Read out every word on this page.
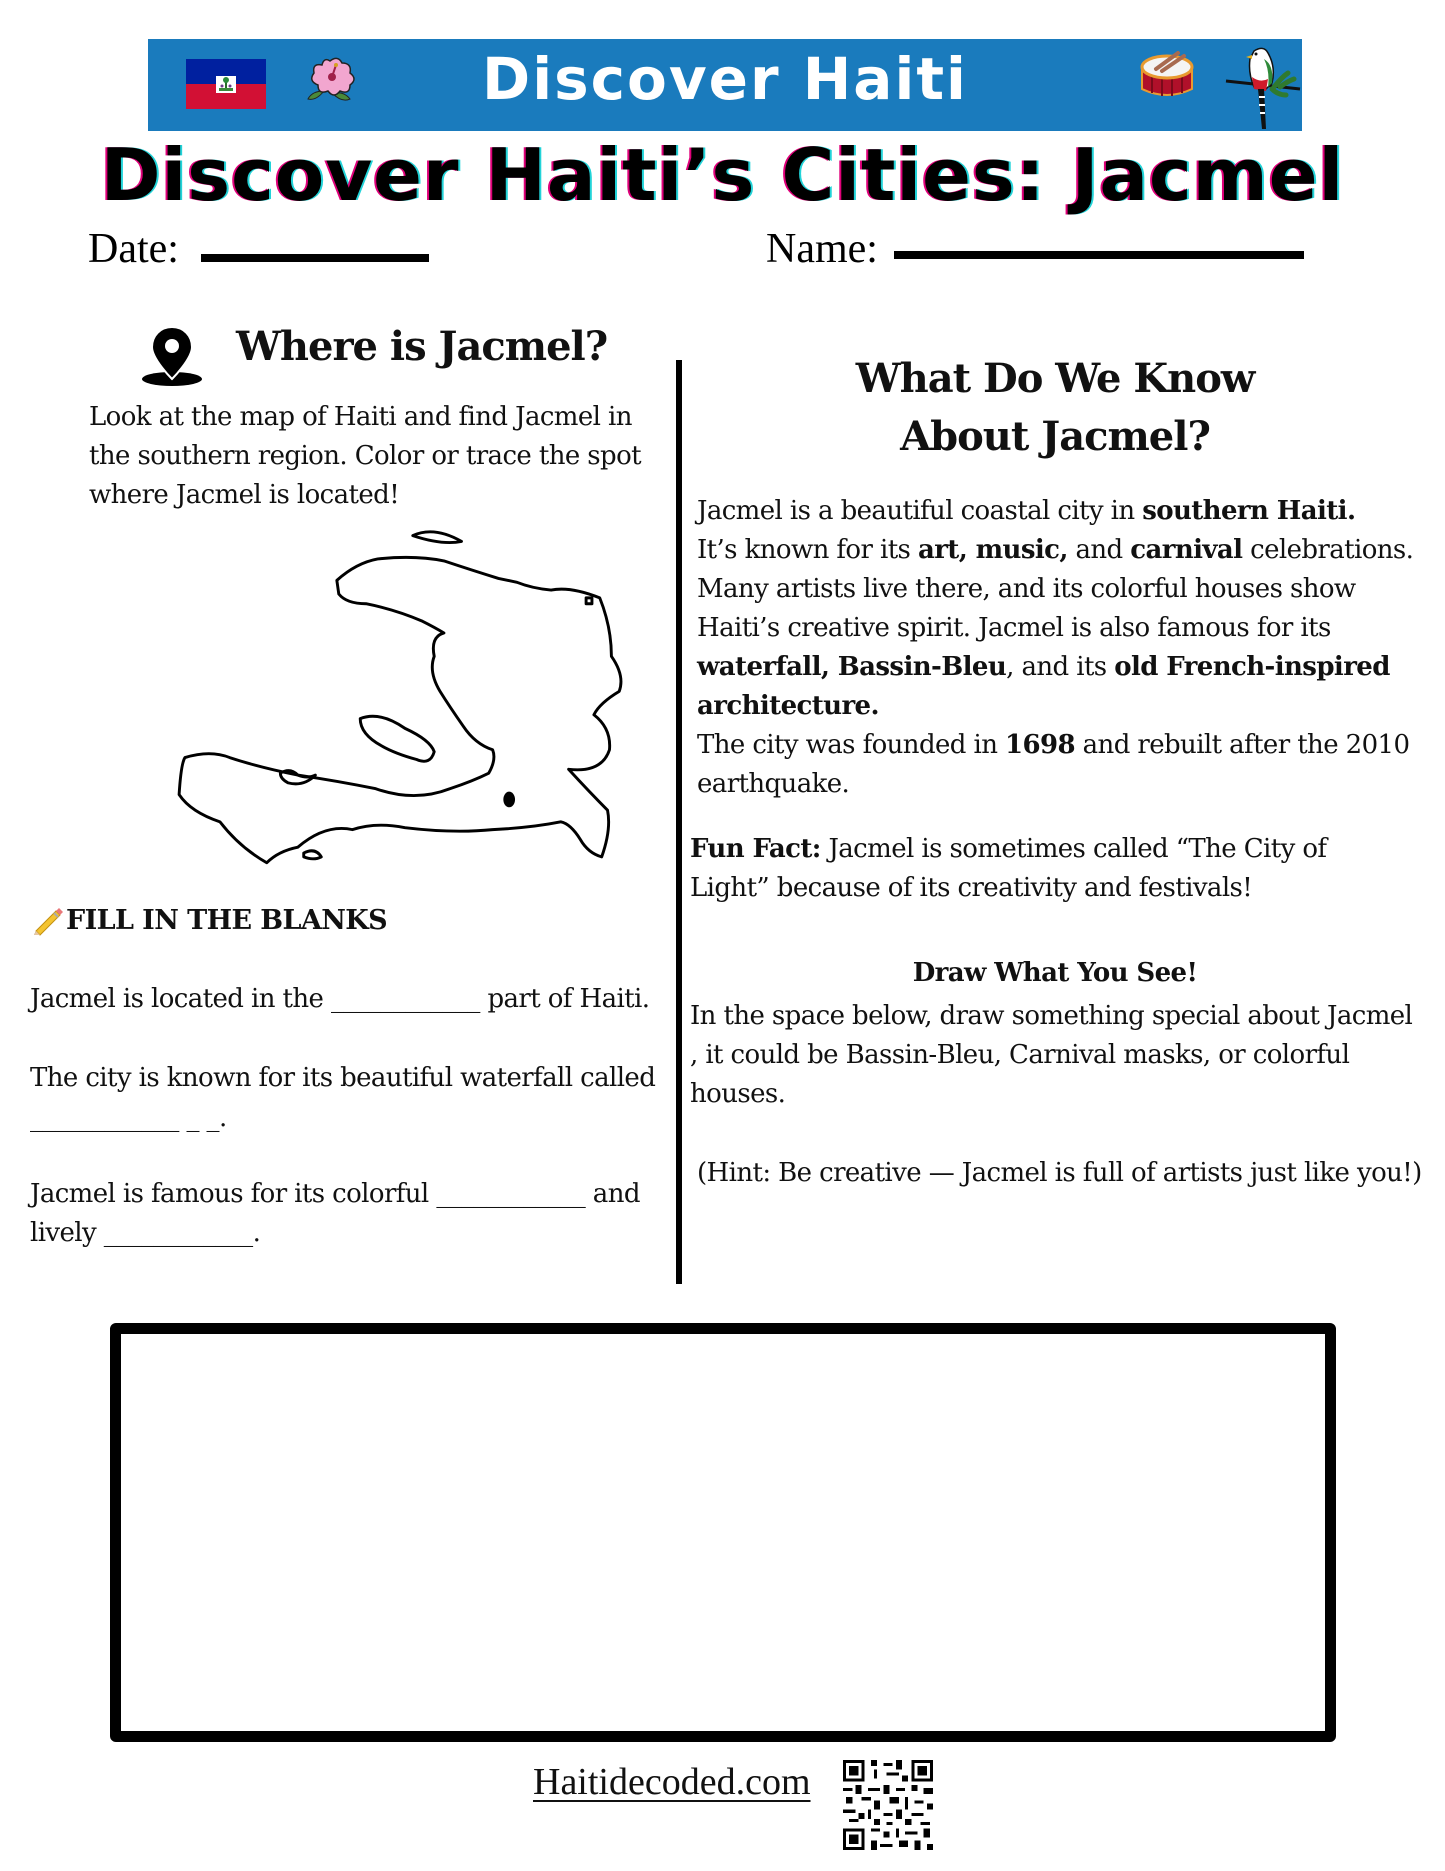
Discover Haiti
Discover Haiti’s Cities: Jacmel
Date:	Name:
Where is Jacmel?
Look at the map of Haiti and find Jacmel in the southern region. Color or trace the spot where Jacmel is located!
FILL IN THE BLANKS
Jacmel is located in the ____________ part of Haiti.
The city is known for its beautiful waterfall called
____________ _ _.
Jacmel is famous for its colorful ____________ and lively ____________.
What Do We Know
About Jacmel?
Jacmel is a beautiful coastal city in southern Haiti.
It’s known for its art, music, and carnival celebrations. Many artists live there, and its colorful houses show Haiti’s creative spirit. Jacmel is also famous for its waterfall, Bassin-Bleu, and its old French-inspired architecture.
The city was founded in 1698 and rebuilt after the 2010 earthquake.
Fun Fact: Jacmel is sometimes called “The City of Light” because of its creativity and festivals!
Draw What You See!
In the space below, draw something special about Jacmel , it could be Bassin-Bleu, Carnival masks, or colorful houses.
(Hint: Be creative — Jacmel is full of artists just like you!)
Haitidecoded.com
